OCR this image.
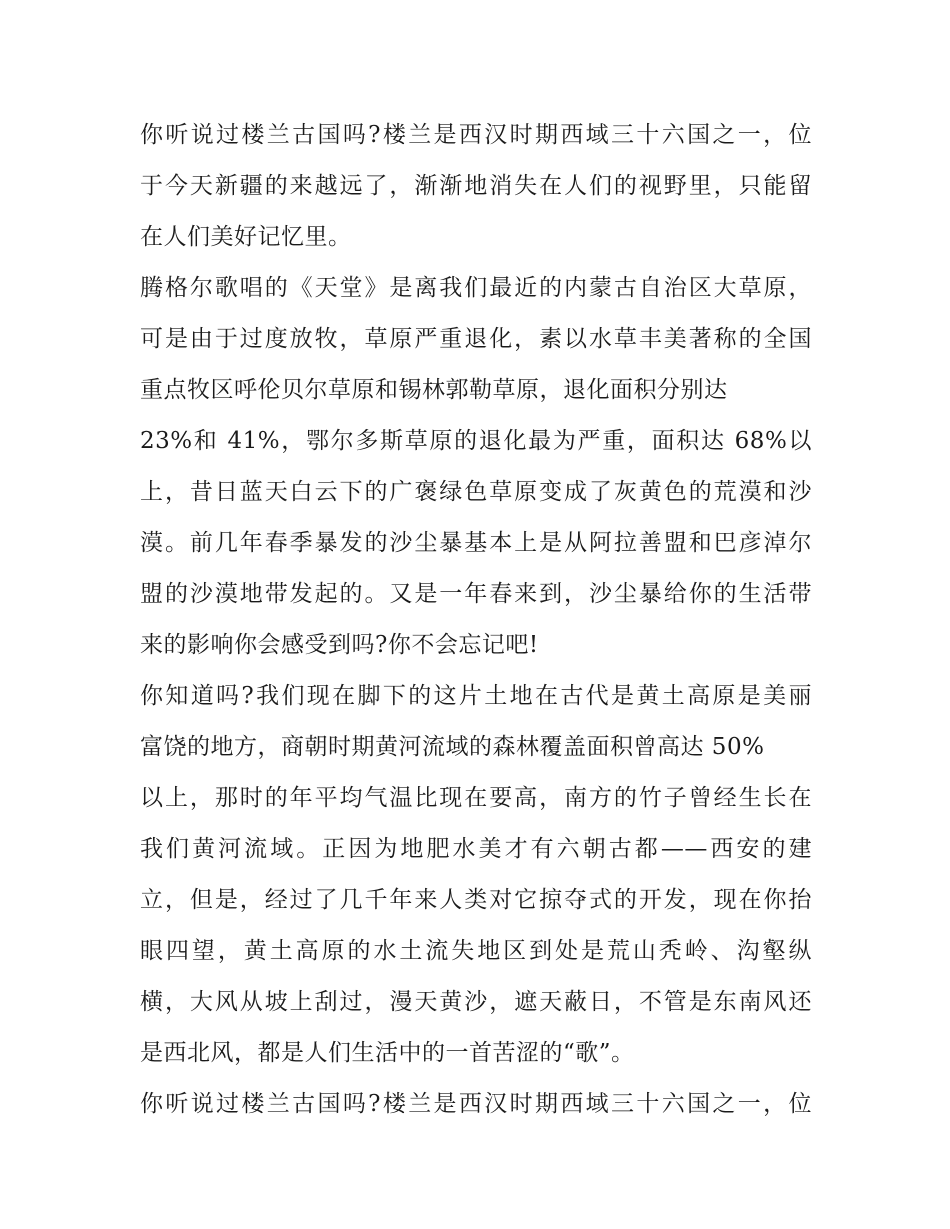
你听说过楼兰古国吗?楼兰是西汉时期西域三十六国之一，位
于今天新疆的来越远了，渐渐地消失在人们的视野里，只能留
在人们美好记忆里。
腾格尔歌唱的《天堂》是离我们最近的内蒙古自治区大草原，
可是由于过度放牧，草原严重退化，素以水草丰美著称的全国
重点牧区呼伦贝尔草原和锡林郭勒草原，退化面积分别达
23%和 41%，鄂尔多斯草原的退化最为严重，面积达 68%以
上，昔日蓝天白云下的广褒绿色草原变成了灰黄色的荒漠和沙
漠。前几年春季暴发的沙尘暴基本上是从阿拉善盟和巴彦淖尔
盟的沙漠地带发起的。又是一年春来到，沙尘暴给你的生活带
来的影响你会感受到吗?你不会忘记吧!
你知道吗?我们现在脚下的这片土地在古代是黄土高原是美丽
富饶的地方，商朝时期黄河流域的森林覆盖面积曾高达 50%
以上，那时的年平均气温比现在要高，南方的竹子曾经生长在
我们黄河流域。正因为地肥水美才有六朝古都——西安的建
立，但是，经过了几千年来人类对它掠夺式的开发，现在你抬
眼四望，黄土高原的水土流失地区到处是荒山秃岭、沟壑纵
横，大风从坡上刮过，漫天黄沙，遮天蔽日，不管是东南风还
是西北风，都是人们生活中的一首苦涩的“歌”。
你听说过楼兰古国吗?楼兰是西汉时期西域三十六国之一，位
